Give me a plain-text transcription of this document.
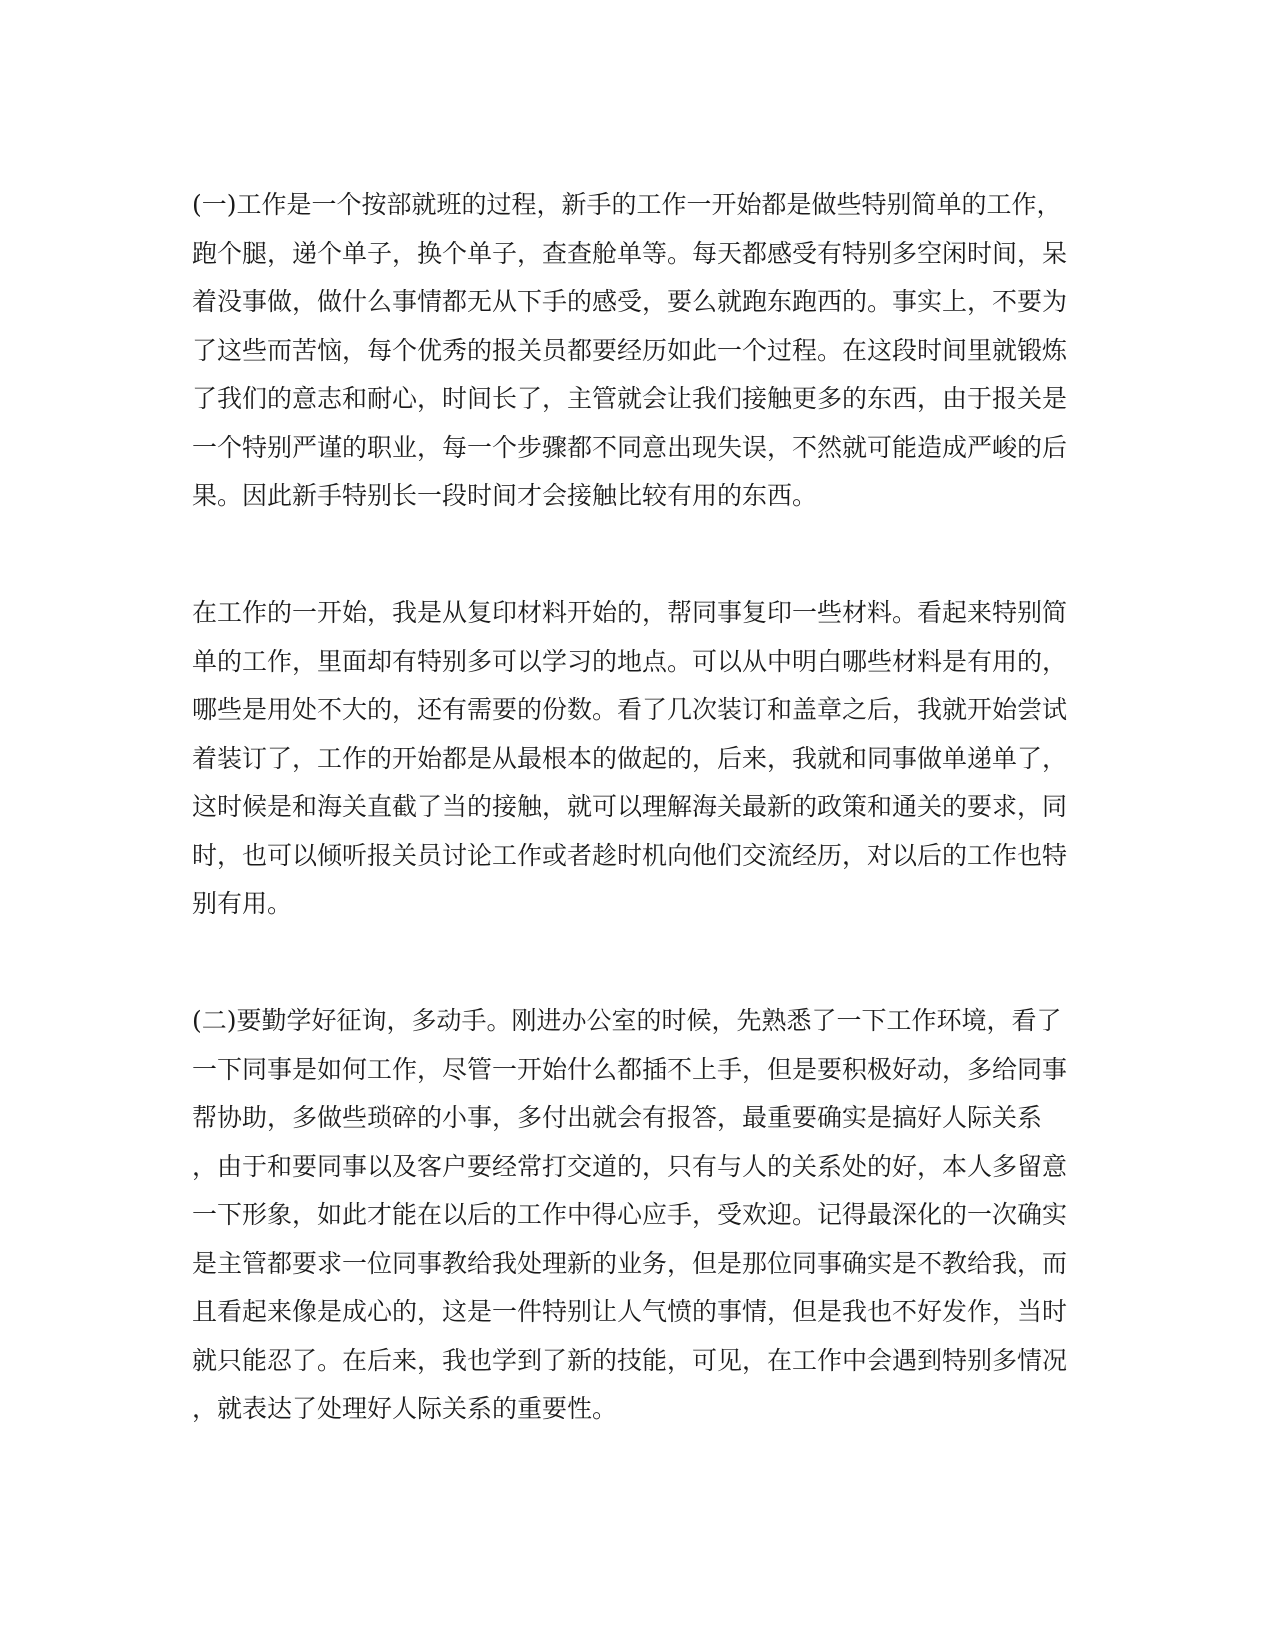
(一)工作是一个按部就班的过程，新手的工作一开始都是做些特别简单的工作，
跑个腿，递个单子，换个单子，查查舱单等。每天都感受有特别多空闲时间，呆
着没事做，做什么事情都无从下手的感受，要么就跑东跑西的。事实上，不要为
了这些而苦恼，每个优秀的报关员都要经历如此一个过程。在这段时间里就锻炼
了我们的意志和耐心，时间长了，主管就会让我们接触更多的东西，由于报关是
一个特别严谨的职业，每一个步骤都不同意出现失误，不然就可能造成严峻的后
果。因此新手特别长一段时间才会接触比较有用的东西。
在工作的一开始，我是从复印材料开始的，帮同事复印一些材料。看起来特别简
单的工作，里面却有特别多可以学习的地点。可以从中明白哪些材料是有用的，
哪些是用处不大的，还有需要的份数。看了几次装订和盖章之后，我就开始尝试
着装订了，工作的开始都是从最根本的做起的，后来，我就和同事做单递单了，
这时候是和海关直截了当的接触，就可以理解海关最新的政策和通关的要求，同
时，也可以倾听报关员讨论工作或者趁时机向他们交流经历，对以后的工作也特
别有用。
(二)要勤学好征询，多动手。刚进办公室的时候，先熟悉了一下工作环境，看了
一下同事是如何工作，尽管一开始什么都插不上手，但是要积极好动，多给同事
帮协助，多做些琐碎的小事，多付出就会有报答，最重要确实是搞好人际关系
，由于和要同事以及客户要经常打交道的，只有与人的关系处的好，本人多留意
一下形象，如此才能在以后的工作中得心应手，受欢迎。记得最深化的一次确实
是主管都要求一位同事教给我处理新的业务，但是那位同事确实是不教给我，而
且看起来像是成心的，这是一件特别让人气愤的事情，但是我也不好发作，当时
就只能忍了。在后来，我也学到了新的技能，可见，在工作中会遇到特别多情况
，就表达了处理好人际关系的重要性。
